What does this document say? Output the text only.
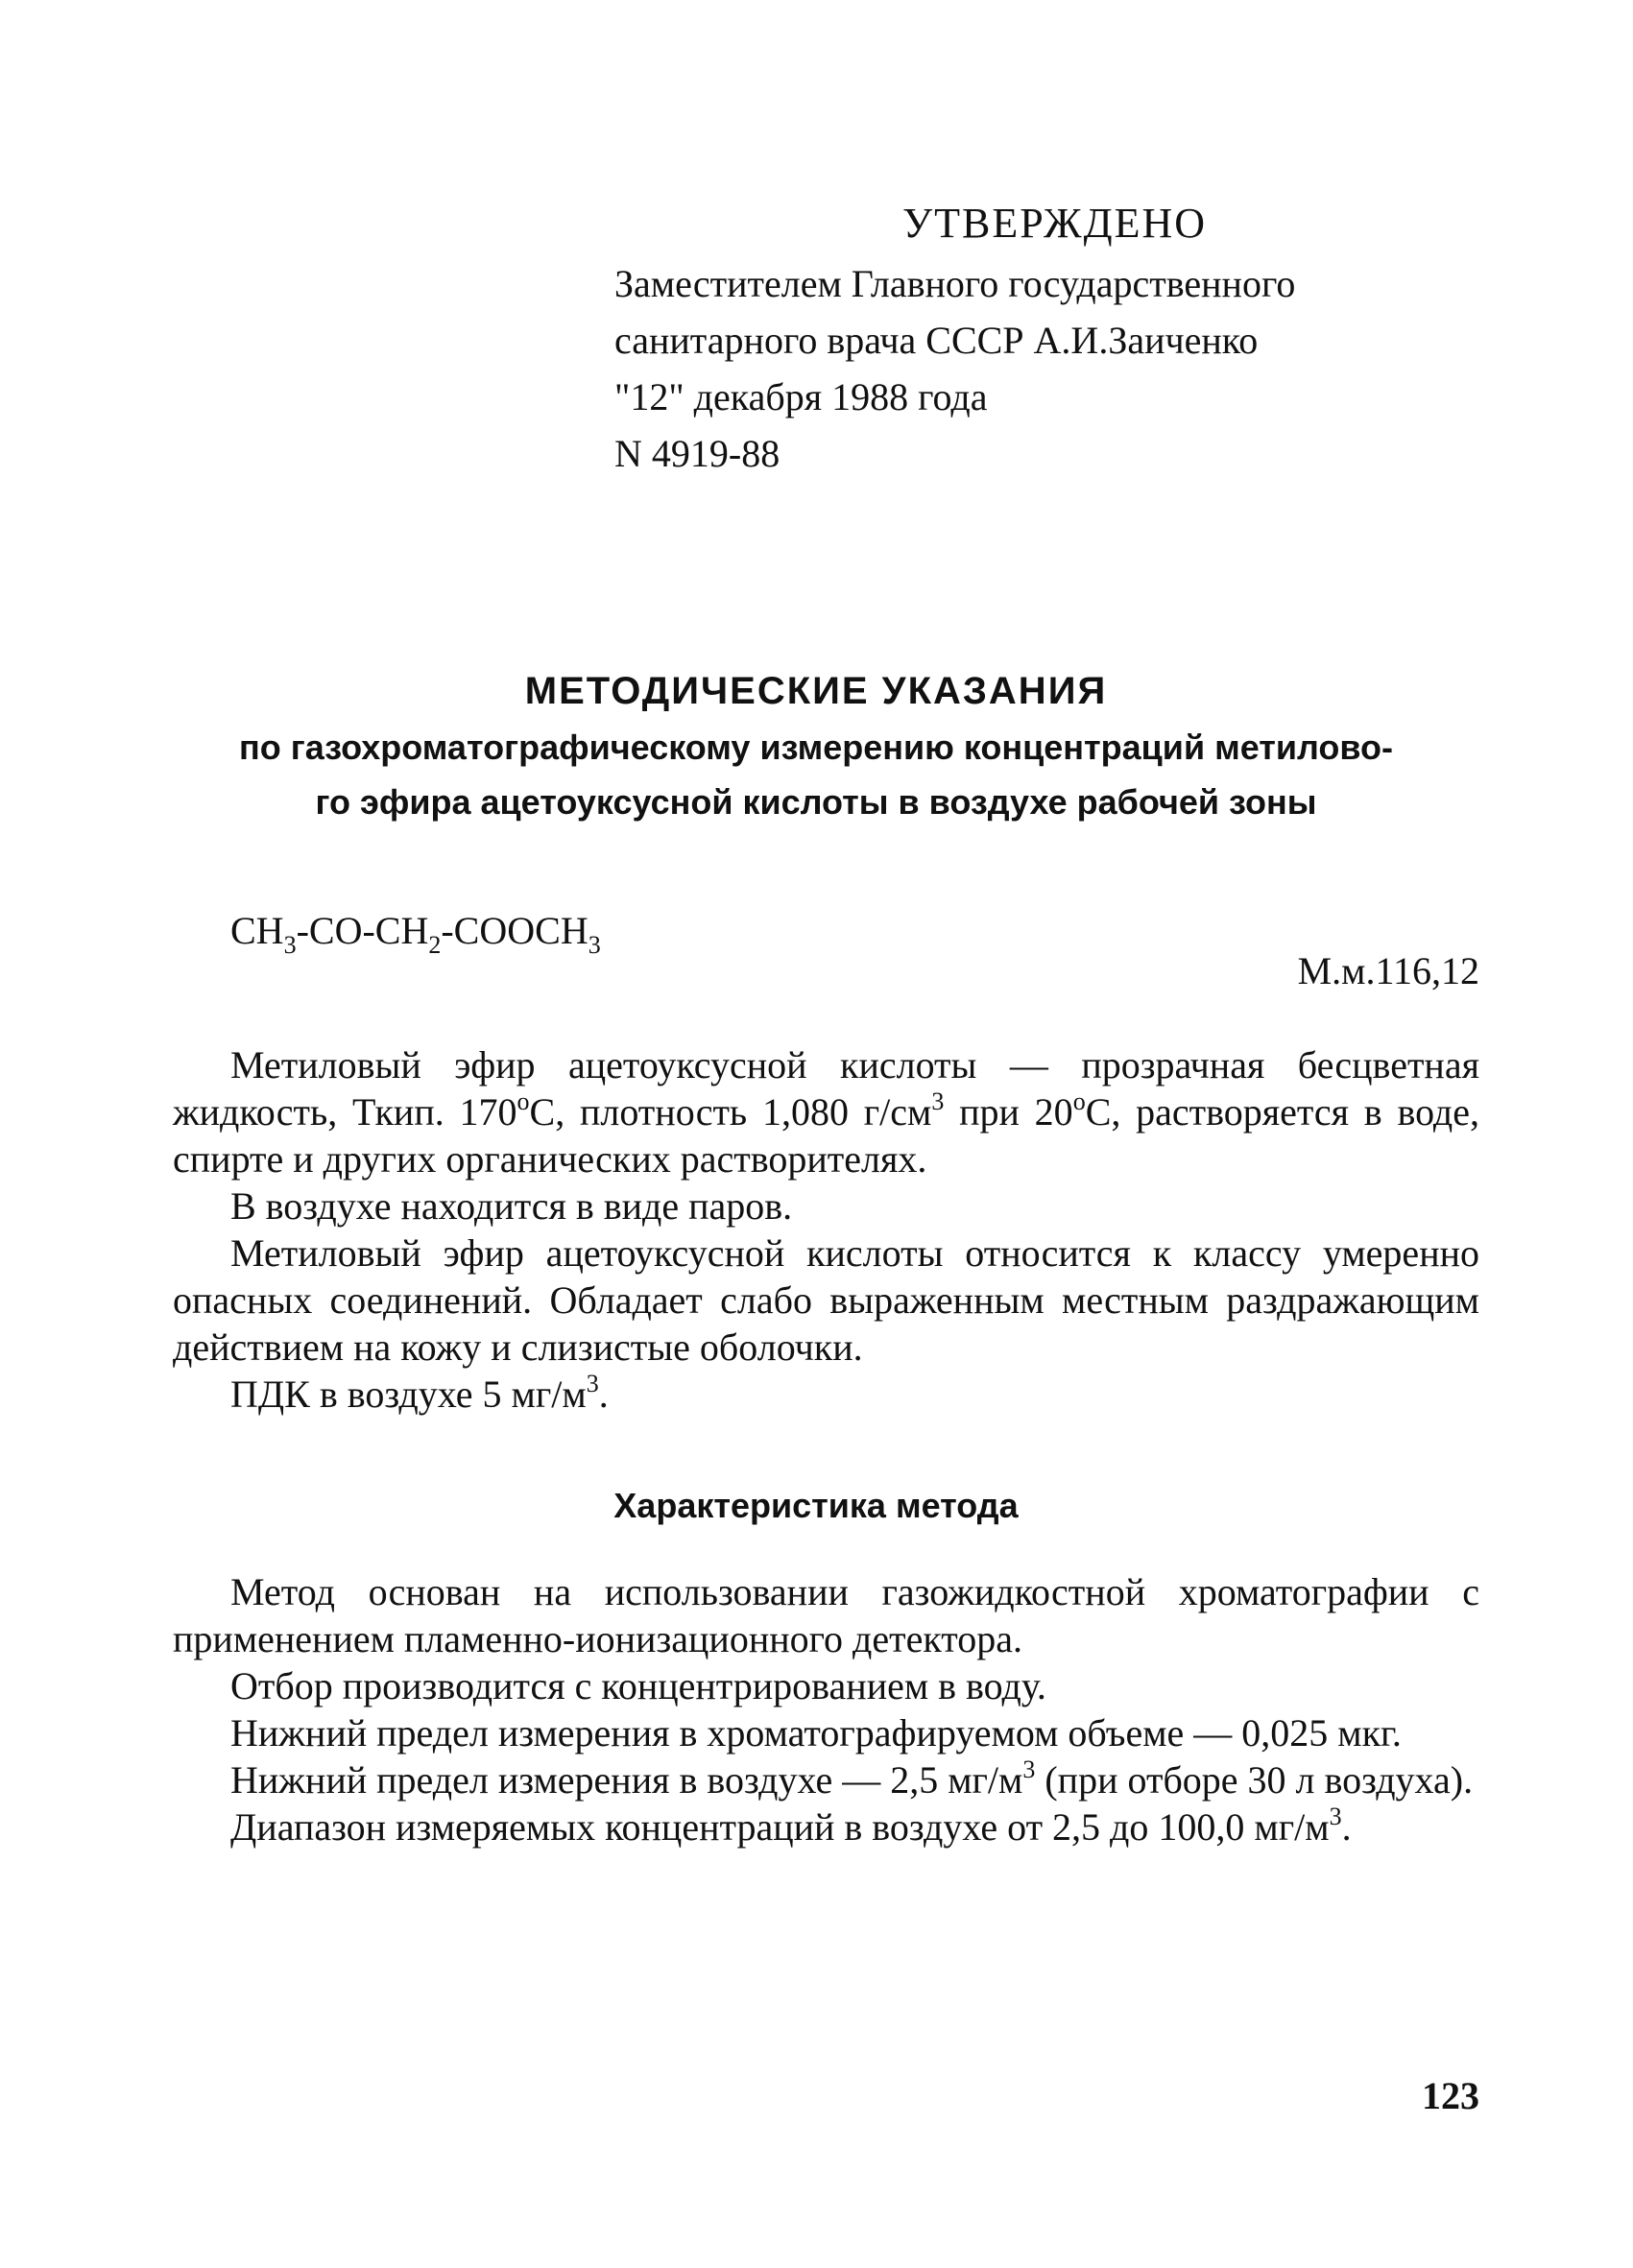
УТВЕРЖДЕНО
Заместителем Главного государственного
санитарного врача СССР А.И.Заиченко
"12" декабря 1988 года
N 4919-88
МЕТОДИЧЕСКИЕ УКАЗАНИЯ
по газохроматографическому измерению концентраций метилово-
го эфира ацетоуксусной кислоты в воздухе рабочей зоны
$CH_3-CO-CH_2-COOCH_3$
М.м.116,12

Метиловый эфир ацетоуксусной кислоты — прозрачная бесцветная жидкость, Ткип. $170^оС$, плотность 1,080 $г/см^3$ при $20^оС$, растворяется в воде, спирте и других органических растворителях.

В воздухе находится в виде паров.

Метиловый эфир ацетоуксусной кислоты относится к классу умеренно опасных соединений. Обладает слабо выраженным местным раздражающим действием на кожу и слизистые оболочки.

ПДК в воздухе 5 $мг/м^3$.

Характеристика метода

Метод основан на использовании газожидкостной хроматографии с применением пламенно-ионизационного детектора.

Отбор производится с концентрированием в воду.

Нижний предел измерения в хроматографируемом объеме — 0,025 мкг.

Нижний предел измерения в воздухе — 2,5 $мг/м^3$ (при отборе 30 л воздуха).

Диапазон измеряемых концентраций в воздухе от 2,5 до 100,0 $мг/м^3$.

123
